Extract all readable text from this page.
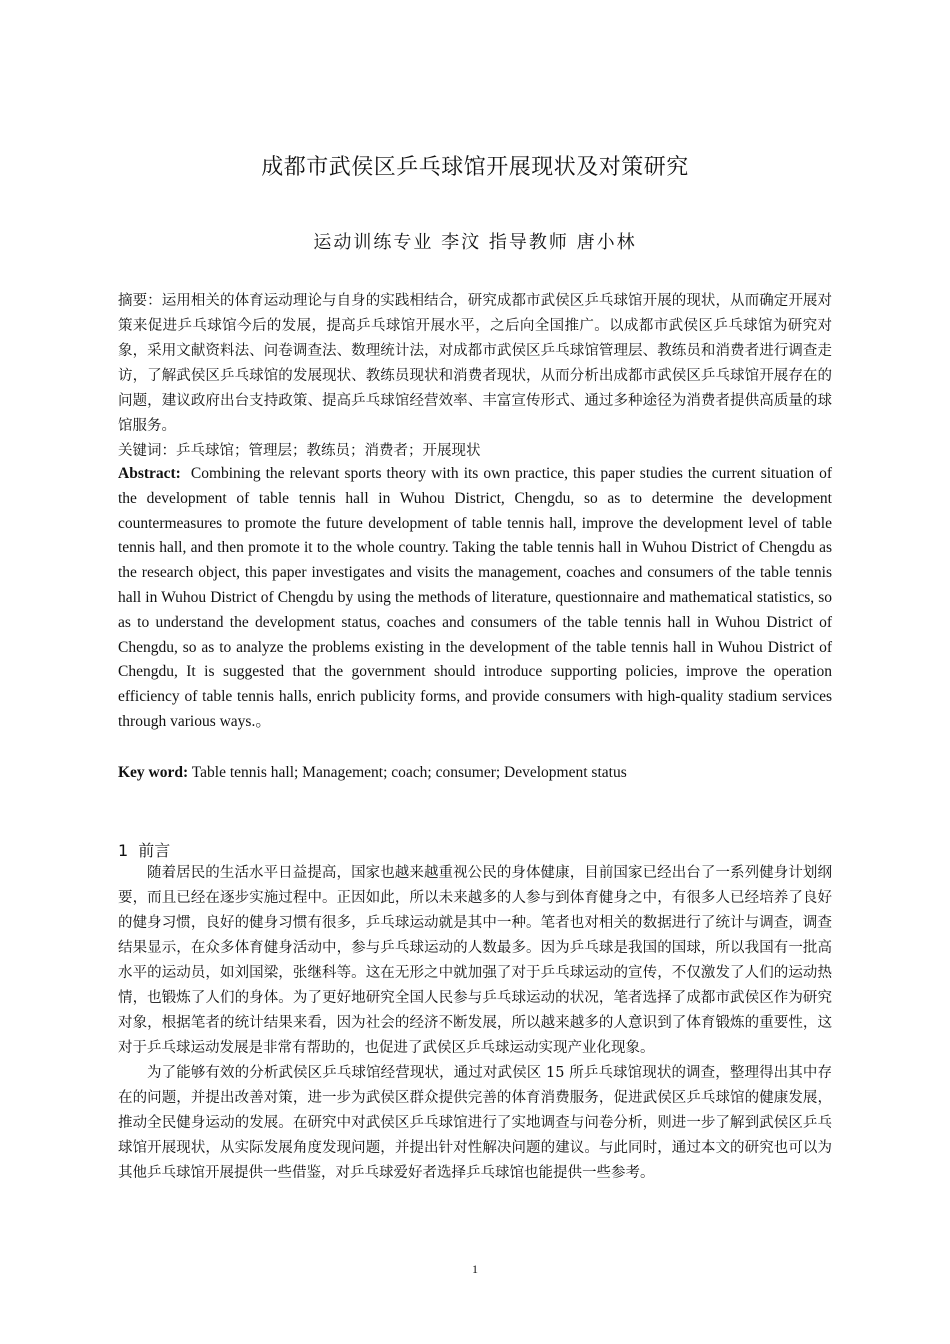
成都市武侯区乒乓球馆开展现状及对策研究
运动训练专业 李汶 指导教师 唐小林
摘要：运用相关的体育运动理论与自身的实践相结合，研究成都市武侯区乒乓球馆开展的现状，从而确定开展对策来促进乒乓球馆今后的发展，提高乒乓球馆开展水平，之后向全国推广。以成都市武侯区乒乓球馆为研究对象，采用文献资料法、问卷调查法、数理统计法，对成都市武侯区乒乓球馆管理层、教练员和消费者进行调查走访，了解武侯区乒乓球馆的发展现状、教练员现状和消费者现状，从而分析出成都市武侯区乒乓球馆开展存在的问题，建议政府出台支持政策、提高乒乓球馆经营效率、丰富宣传形式、通过多种途径为消费者提供高质量的球馆服务。
关键词：乒乓球馆；管理层；教练员；消费者；开展现状
Abstract: Combining the relevant sports theory with its own practice, this paper studies the current situation of the development of table tennis hall in Wuhou District, Chengdu, so as to determine the development countermeasures to promote the future development of table tennis hall, improve the development level of table tennis hall, and then promote it to the whole country. Taking the table tennis hall in Wuhou District of Chengdu as the research object, this paper investigates and visits the management, coaches and consumers of the table tennis hall in Wuhou District of Chengdu by using the methods of literature, questionnaire and mathematical statistics, so as to understand the development status, coaches and consumers of the table tennis hall in Wuhou District of Chengdu, so as to analyze the problems existing in the development of the table tennis hall in Wuhou District of Chengdu, It is suggested that the government should introduce supporting policies, improve the operation efficiency of table tennis halls, enrich publicity forms, and provide consumers with high-quality stadium services through various ways.。
Key word: Table tennis hall; Management; coach; consumer; Development status
1 前言

随着居民的生活水平日益提高，国家也越来越重视公民的身体健康，目前国家已经出台了一系列健身计划纲要，而且已经在逐步实施过程中。正因如此，所以未来越多的人参与到体育健身之中，有很多人已经培养了良好的健身习惯，良好的健身习惯有很多，乒乓球运动就是其中一种。笔者也对相关的数据进行了统计与调查，调查结果显示，在众多体育健身活动中，参与乒乓球运动的人数最多。因为乒乓球是我国的国球，所以我国有一批高水平的运动员，如刘国梁，张继科等。这在无形之中就加强了对于乒乓球运动的宣传，不仅激发了人们的运动热情，也锻炼了人们的身体。为了更好地研究全国人民参与乒乓球运动的状况，笔者选择了成都市武侯区作为研究对象，根据笔者的统计结果来看，因为社会的经济不断发展，所以越来越多的人意识到了体育锻炼的重要性，这对于乒乓球运动发展是非常有帮助的，也促进了武侯区乒乓球运动实现产业化现象。

为了能够有效的分析武侯区乒乓球馆经营现状，通过对武侯区 15 所乒乓球馆现状的调查，整理得出其中存在的问题，并提出改善对策，进一步为武侯区群众提供完善的体育消费服务，促进武侯区乒乓球馆的健康发展，推动全民健身运动的发展。在研究中对武侯区乒乓球馆进行了实地调查与问卷分析，则进一步了解到武侯区乒乓球馆开展现状，从实际发展角度发现问题，并提出针对性解决问题的建议。与此同时，通过本文的研究也可以为其他乒乓球馆开展提供一些借鉴，对乒乓球爱好者选择乒乓球馆也能提供一些参考。

1
